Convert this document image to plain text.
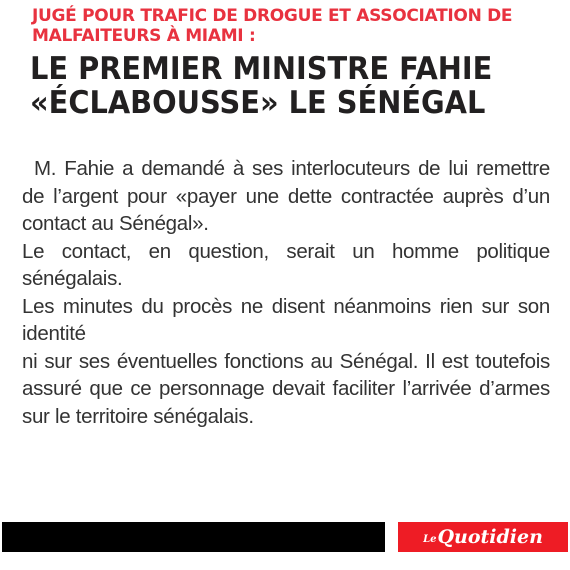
JUGÉ POUR TRAFIC DE DROGUE ET ASSOCIATION DE
MALFAITEURS À MIAMI :
LE PREMIER MINISTRE FAHIE
«ÉCLABOUSSE» LE SÉNÉGAL

M. Fahie a demandé à ses interlocuteurs de lui remettre de l’argent pour «payer une dette contractée auprès d’un contact au Sénégal».

Le contact, en question, serait un homme politique sénégalais.

Les minutes du procès ne disent néanmoins rien sur son identité

ni sur ses éventuelles fonctions au Sénégal. Il est toutefois assuré que ce personnage devait faciliter l’arrivée d’armes sur le territoire sénégalais.

Le Quotidien
